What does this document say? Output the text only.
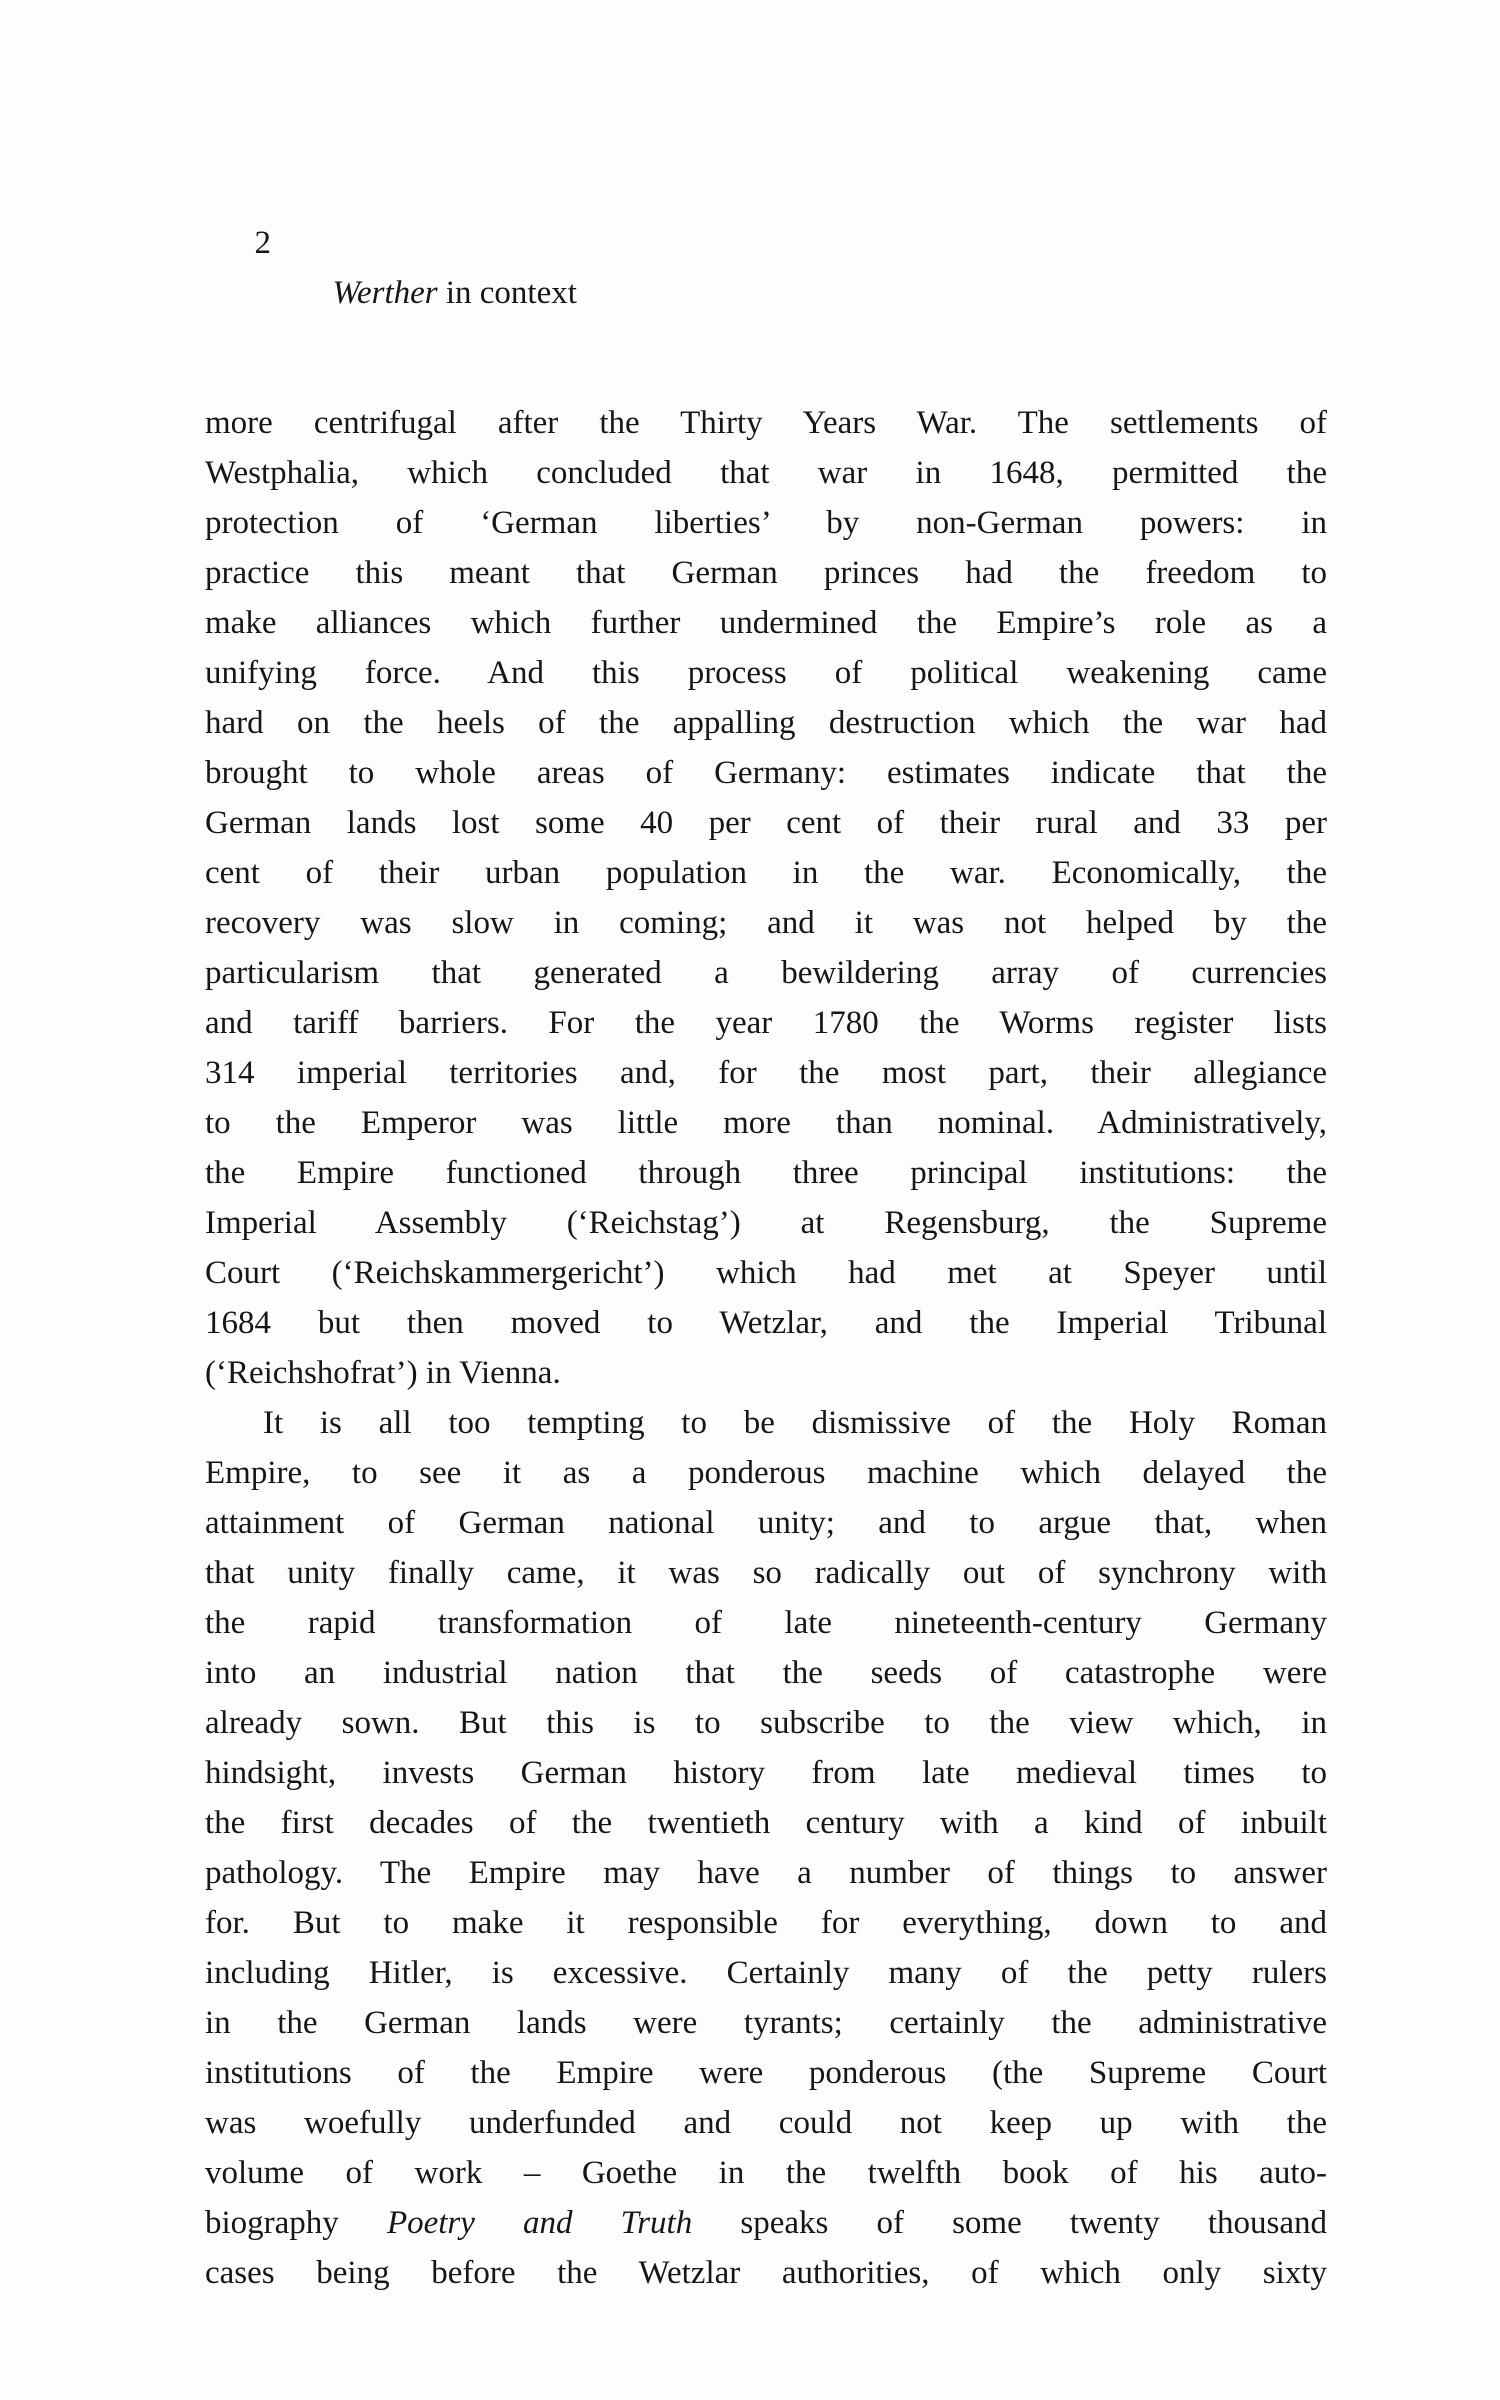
2
Werther in context

more centrifugal after the Thirty Years War. The settlements of
Westphalia, which concluded that war in 1648, permitted the
protection of ‘German liberties’ by non-German powers: in
practice this meant that German princes had the freedom to
make alliances which further undermined the Empire’s role as a
unifying force. And this process of political weakening came
hard on the heels of the appalling destruction which the war had
brought to whole areas of Germany: estimates indicate that the
German lands lost some 40 per cent of their rural and 33 per
cent of their urban population in the war. Economically, the
recovery was slow in coming; and it was not helped by the
particularism that generated a bewildering array of currencies
and tariff barriers. For the year 1780 the Worms register lists
314 imperial territories and, for the most part, their allegiance
to the Emperor was little more than nominal. Administratively,
the Empire functioned through three principal institutions: the
Imperial Assembly (‘Reichstag’) at Regensburg, the Supreme
Court (‘Reichskammergericht’) which had met at Speyer until
1684 but then moved to Wetzlar, and the Imperial Tribunal
(‘Reichshofrat’) in Vienna.
It is all too tempting to be dismissive of the Holy Roman
Empire, to see it as a ponderous machine which delayed the
attainment of German national unity; and to argue that, when
that unity finally came, it was so radically out of synchrony with
the rapid transformation of late nineteenth-century Germany
into an industrial nation that the seeds of catastrophe were
already sown. But this is to subscribe to the view which, in
hindsight, invests German history from late medieval times to
the first decades of the twentieth century with a kind of inbuilt
pathology. The Empire may have a number of things to answer
for. But to make it responsible for everything, down to and
including Hitler, is excessive. Certainly many of the petty rulers
in the German lands were tyrants; certainly the administrative
institutions of the Empire were ponderous (the Supreme Court
was woefully underfunded and could not keep up with the
volume of work – Goethe in the twelfth book of his auto-
biography Poetry and Truth speaks of some twenty thousand
cases being before the Wetzlar authorities, of which only sixty
